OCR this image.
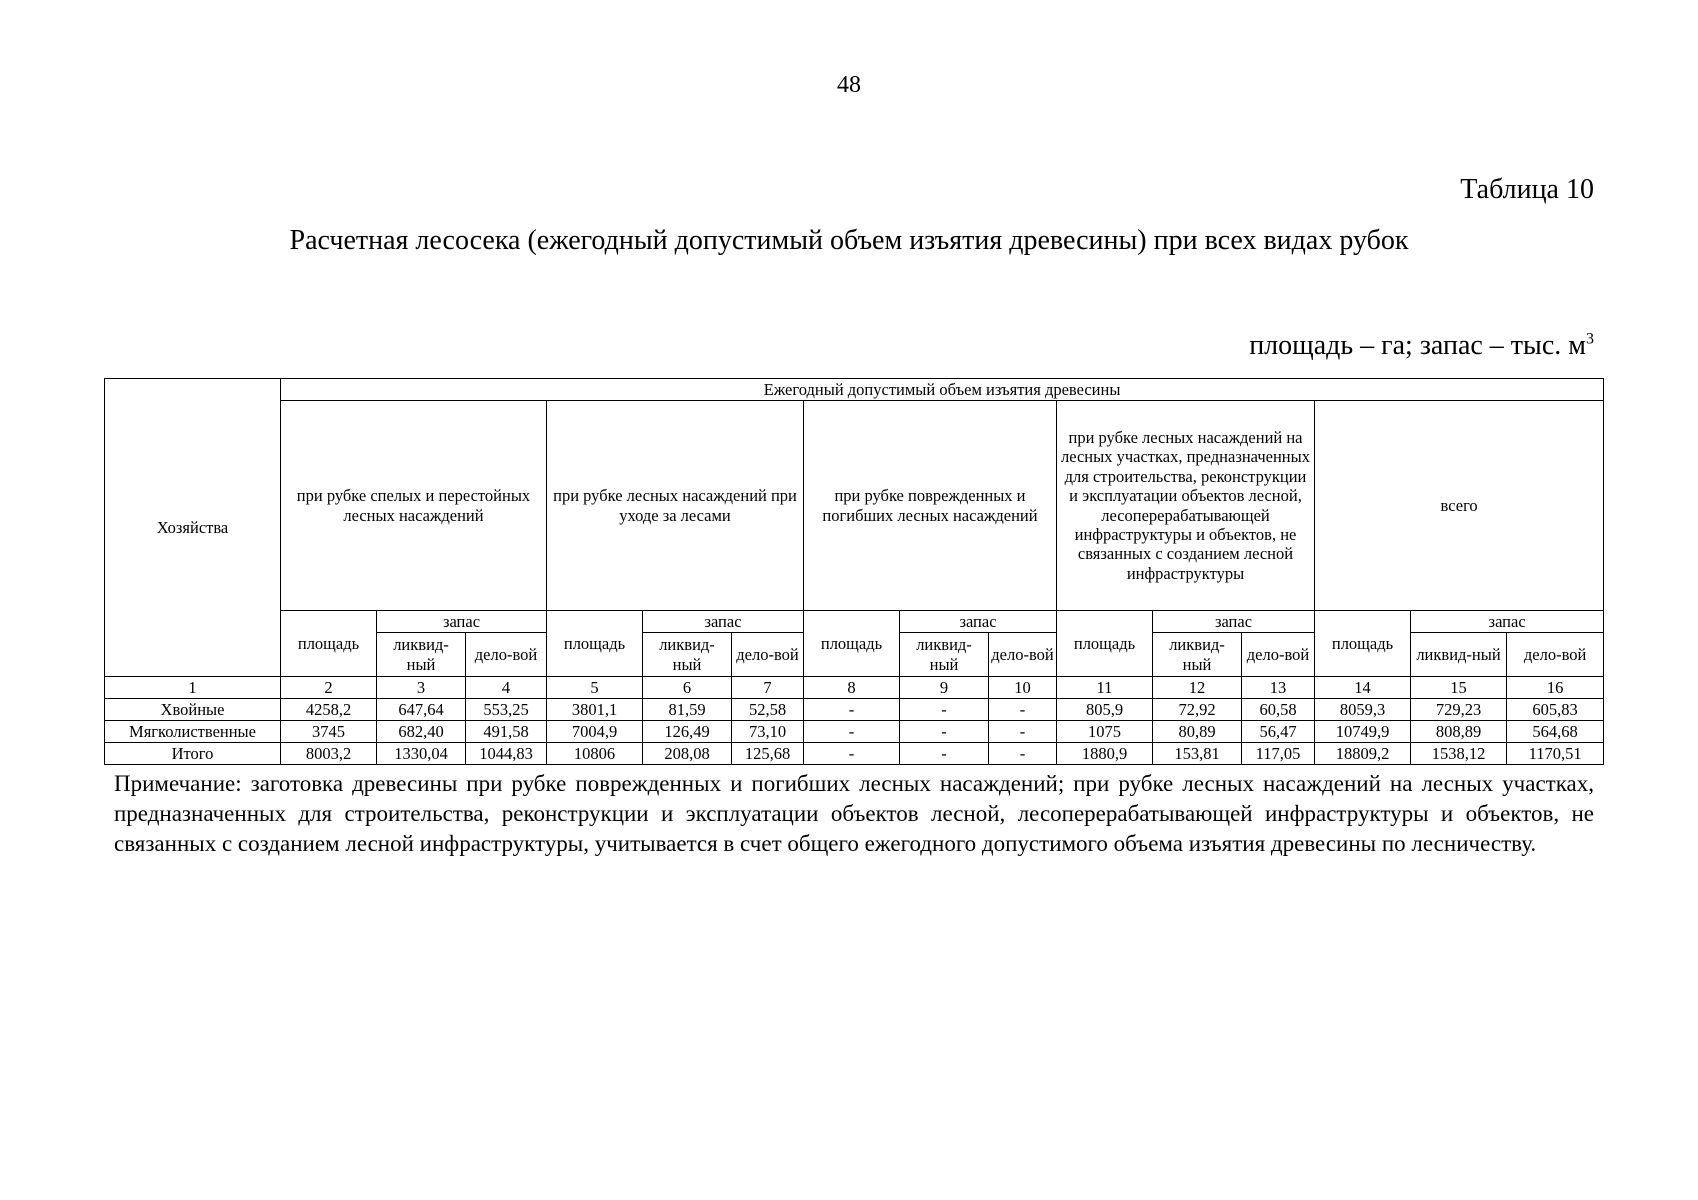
48
Таблица 10
Расчетная лесосека (ежегодный допустимый объем изъятия древесины) при всех видах рубок
площадь – га; запас – тыс. $м^3$
Хозяйства	Ежегодный допустимый объем изъятия древесины														
	при рубке спелых и перестойных лесных насаждений			при рубке лесных насаждений при уходе за лесами			при рубке поврежденных и погибших лесных насаждений			при рубке лесных насаждений на лесных участках, предназначенных для строительства, реконструкции и эксплуатации объектов лесной, лесоперерабатывающей инфраструктуры и объектов, не связанных с созданием лесной инфраструктуры			всего		
	площадь	запас		площадь	запас		площадь	запас		площадь	запас		площадь	запас	
		ликвид-ный	дело-вой		ликвид-ный	дело-вой		ликвид-ный	дело-вой		ликвид-ный	дело-вой		ликвид-ный	дело-вой
1	2	3	4	5	6	7	8	9	10	11	12	13	14	15	16
Хвойные	4258,2	647,64	553,25	3801,1	81,59	52,58	-	-	-	805,9	72,92	60,58	8059,3	729,23	605,83
Мягколиственные	3745	682,40	491,58	7004,9	126,49	73,10	-	-	-	1075	80,89	56,47	10749,9	808,89	564,68
Итого	8003,2	1330,04	1044,83	10806	208,08	125,68	-	-	-	1880,9	153,81	117,05	18809,2	1538,12	1170,51
Примечание: заготовка древесины при рубке поврежденных и погибших лесных насаждений; при рубке лесных насаждений на лесных участках, предназначенных для строительства, реконструкции и эксплуатации объектов лесной, лесоперерабатывающей инфраструктуры и объектов, не связанных с созданием лесной инфраструктуры, учитывается в счет общего ежегодного допустимого объема изъятия древесины по лесничеству.
